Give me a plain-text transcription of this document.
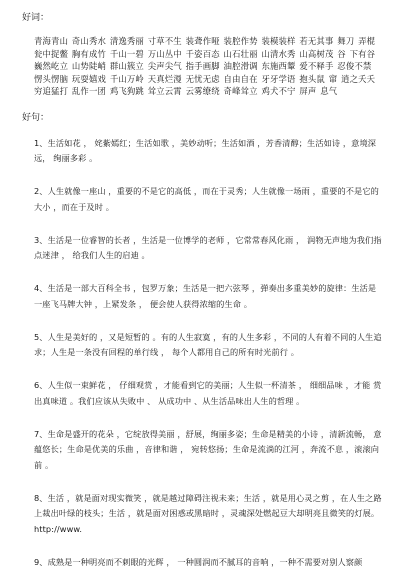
好词：
青海青山 奇山秀水 清逸秀丽 寸草不生 装聋作哑 装腔作势 装模装样 若无其事 舞刀 弄棍
瓮中捉鳖 胸有成竹 千山一碧 万山丛中 千姿百态 山石壮丽 山清水秀 山高树茂 谷 下有谷
巍然屹立 山势陡峭 群山簇立 尖声尖气 指手画脚 油腔滑调 东施西颦 爱不释手 忍俊不禁
愣头愣脑 玩耍嬉戏 千山万岭 天真烂漫 无忧无虑 自由自在 牙牙学语 抱头鼠 窜 逍之夭夭
穷追猛打 乱作一团 鸡飞狗跳 耸立云霄 云雾缭绕 奇峰耸立 鸡犬不宁 屏声 息气
好句：

1、生活如花 ， 姹紫嫣红；生活如歌 ，美妙动听；生活如酒 ，芳香清醇；生活如诗 ，意境深 远， 绚丽多彩 。

2、人生就像一座山 ，重要的不是它的高低 ，而在于灵秀；人生就像一场雨 ，重要的不是它的大小 ，而在于及时 。

3、生活是一位睿智的长者 ，生活是一位博学的老师 ，它常常春风化雨 ， 润物无声地为我们指点迷津 ， 给我们人生的启迪 。

4、生活是一部大百科全书 ，包罗万象；生活是一把六弦琴 ，弹奏出多重美妙的旋律：生活是一座飞马牌大钟 ，上紧发条 ， 便会使人获得浓缩的生命 。

5、人生是美好的 ，又是短暂的 。有的人生寂寞 ，有的人生多彩 ，不同的人有着不同的人生追求；人生是一条没有回程的单行线 ， 每个人都用自己的所有时光前行 。

6、人生似一束鲜花 ， 仔细观赏 ，才能看到它的美丽；人生似一杯清茶 ， 细细品味 ，才能 赏出真味道 。我们应该从失败中 、 从成功中 、从生活品味出人生的哲理 。

7、生命是盛开的花朵 ，它绽放得美丽 ，舒展，绚丽多姿；生命是精美的小诗 ，清新流畅， 意蕴悠长；生命是优美的乐曲 ，音律和谐 ， 宛转悠扬；生命是流淌的江河 ，奔流不息 ，滚滚向前 。

8、生活 ，就是面对现实微笑 ，就是越过障碍注视未来；生活 ，就是用心灵之剪 ，在人生之路上裁出叶绿的枝头；生活 ，就是面对困惑或黑暗时 ，灵魂深处燃起豆大却明亮且微笑的灯展。 http://www.

9、成熟是一种明亮而不刺眼的光辉 ， 一种圆润而不腻耳的音响 ，一种不需要对别人察颜
